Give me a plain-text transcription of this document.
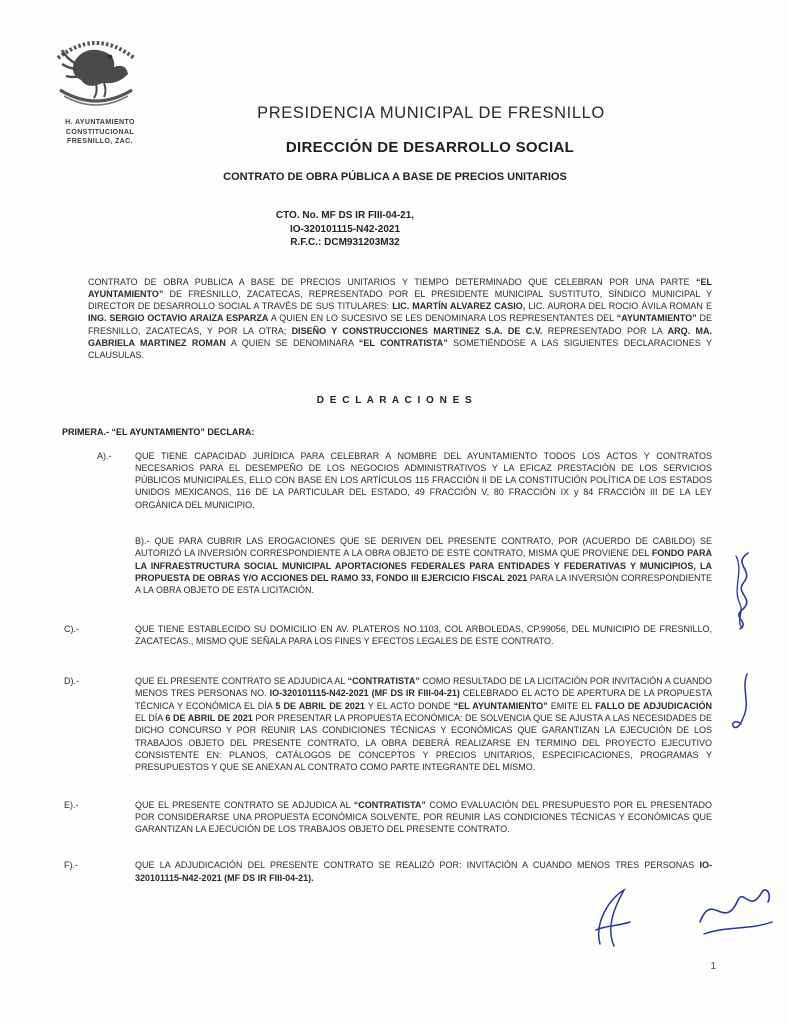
H. AYUNTAMIENTO
CONSTITUCIONAL
FRESNILLO, ZAC.
PRESIDENCIA MUNICIPAL DE FRESNILLO
DIRECCIÓN DE DESARROLLO SOCIAL
CONTRATO DE OBRA PÚBLICA A BASE DE PRECIOS UNITARIOS
CTO. No. MF DS IR FIII-04-21,
IO-320101115-N42-2021
R.F.C.: DCM931203M32

CONTRATO DE OBRA PUBLICA A BASE DE PRECIOS UNITARIOS Y TIEMPO DETERMINADO QUE CELEBRAN POR UNA PARTE “EL AYUNTAMIENTO” DE FRESNILLO, ZACATECAS, REPRESENTADO POR EL PRESIDENTE MUNICIPAL SUSTITUTO, SÍNDICO MUNICIPAL Y DIRECTOR DE DESARROLLO SOCIAL A TRAVÉS DE SUS TITULARES: LIC. MARTÍN ALVAREZ CASIO, LIC. AURORA DEL ROCIO ÁVILA ROMAN E ING. SERGIO OCTAVIO ARAIZA ESPARZA A QUIEN EN LO SUCESIVO SE LES DENOMINARA LOS REPRESENTANTES DEL “AYUNTAMIENTO” DE FRESNILLO, ZACATECAS, Y POR LA OTRA; DISEÑO Y CONSTRUCCIONES MARTINEZ S.A. DE C.V. REPRESENTADO POR LA ARQ. MA. GABRIELA MARTINEZ ROMAN A QUIEN SE DENOMINARA “EL CONTRATISTA” SOMETIÉNDOSE A LAS SIGUIENTES DECLARACIONES Y CLAUSULAS.

D E C L A R A C I O N E S
PRIMERA.- “EL AYUNTAMIENTO” DECLARA:
A).-	QUE TIENE CAPACIDAD JURÍDICA PARA CELEBRAR A NOMBRE DEL AYUNTAMIENTO TODOS LOS ACTOS Y CONTRATOS NECESARIOS PARA EL DESEMPEÑO DE LOS NEGOCIOS ADMINISTRATIVOS Y LA EFICAZ PRESTACIÓN DE LOS SERVICIOS PÚBLICOS MUNICIPALES, ELLO CON BASE EN LOS ARTÍCULOS 115 FRACCIÓN II DE LA CONSTITUCIÓN POLÍTICA DE LOS ESTADOS UNIDOS MEXICANOS, 116 DE LA PARTICULAR DEL ESTADO, 49 FRACCIÓN V, 80 FRACCIÓN IX y 84 FRACCIÓN III DE LA LEY ORGÁNICA DEL MUNICIPIO.
B).- QUE PARA CUBRIR LAS EROGACIONES QUE SE DERIVEN DEL PRESENTE CONTRATO, POR (ACUERDO DE CABILDO) SE AUTORIZÓ LA INVERSIÓN CORRESPONDIENTE A LA OBRA OBJETO DE ESTE CONTRATO, MISMA QUE PROVIENE DEL FONDO PARA LA INFRAESTRUCTURA SOCIAL MUNICIPAL APORTACIONES FEDERALES PARA ENTIDADES Y FEDERATIVAS Y MUNICIPIOS, LA PROPUESTA DE OBRAS Y/O ACCIONES DEL RAMO 33, FONDO III EJERCICIO FISCAL 2021 PARA LA INVERSIÓN CORRESPONDIENTE A LA OBRA OBJETO DE ESTA LICITACIÓN.
C).-	QUE TIENE ESTABLECIDO SU DOMICILIO EN AV. PLATEROS NO.1103, COL ARBOLEDAS, CP.99056, DEL MUNICIPIO DE FRESNILLO, ZACATECAS., MISMO QUE SEÑALA PARA LOS FINES Y EFECTOS LEGALES DE ESTE CONTRATO.
D).-	QUE EL PRESENTE CONTRATO SE ADJUDICA AL “CONTRATISTA” COMO RESULTADO DE LA LICITACIÓN POR INVITACIÓN A CUANDO MENOS TRES PERSONAS NO. IO-320101115-N42-2021 (MF DS IR FIII-04-21) CELEBRADO EL ACTO DE APERTURA DE LA PROPUESTA TÉCNICA Y ECONÓMICA EL DÍA 5 DE ABRIL DE 2021 Y EL ACTO DONDE “EL AYUNTAMIENTO” EMITE EL FALLO DE ADJUDICACIÓN EL DÍA 6 DE ABRIL DE 2021 POR PRESENTAR LA PROPUESTA ECONÓMICA: DE SOLVENCIA QUE SE AJUSTA A LAS NECESIDADES DE DICHO CONCURSO Y POR REUNIR LAS CONDICIONES TÉCNICAS Y ECONÓMICAS QUE GARANTIZAN LA EJECUCIÓN DE LOS TRABAJOS OBJETO DEL PRESENTE CONTRATO, LA OBRA DEBERÁ REALIZARSE EN TERMINO DEL PROYECTO EJECUTIVO CONSISTENTE EN: PLANOS, CATÁLOGOS DE CONCEPTOS Y PRECIOS UNITARIOS, ESPECIFICACIONES, PROGRAMAS Y PRESUPUESTOS Y QUE SE ANEXAN AL CONTRATO COMO PARTE INTEGRANTE DEL MISMO.
E).-	QUE EL PRESENTE CONTRATO SE ADJUDICA AL “CONTRATISTA” COMO EVALUACIÓN DEL PRESUPUESTO POR EL PRESENTADO POR CONSIDERARSE UNA PROPUESTA ECONÓMICA SOLVENTE, POR REUNIR LAS CONDICIONES TÉCNICAS Y ECONÓMICAS QUE GARANTIZAN LA EJECUCIÓN DE LOS TRABAJOS OBJETO DEL PRESENTE CONTRATO.
F).-	QUE LA ADJUDICACIÓN DEL PRESENTE CONTRATO SE REALIZÓ POR: INVITACIÓN A CUANDO MENOS TRES PERSONAS IO-320101115-N42-2021 (MF DS IR FIII-04-21).
1
